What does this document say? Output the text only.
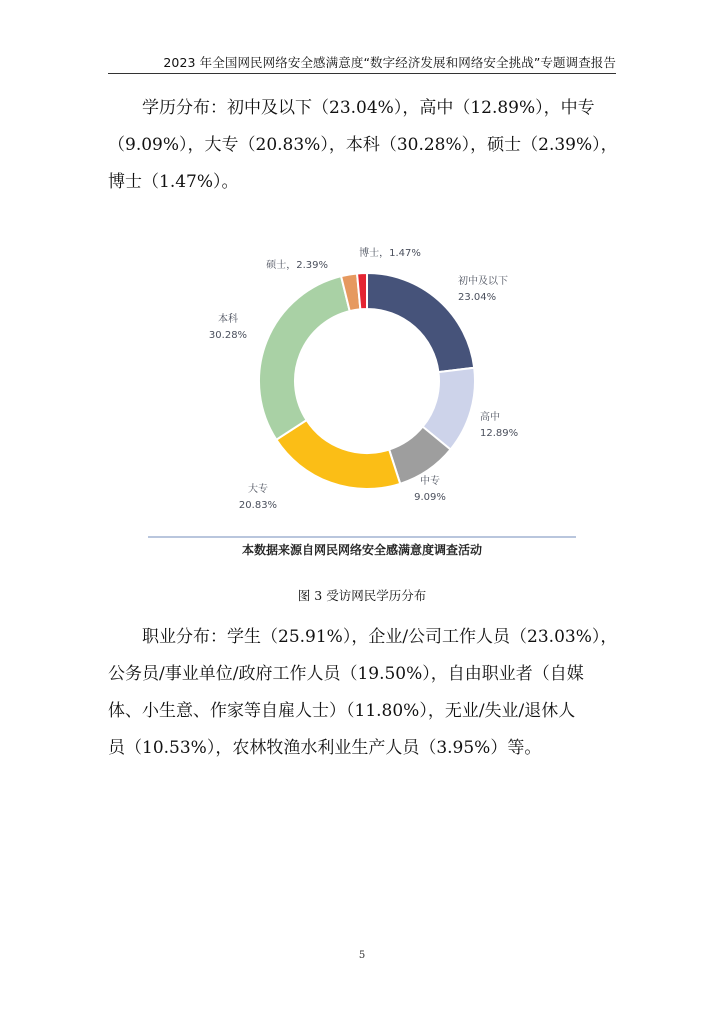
2023 年全国网民网络安全感满意度“数字经济发展和网络安全挑战”专题调查报告
学历分布：初中及以下（23.04%），高中（12.89%），中专
（9.09%），大专（20.83%），本科（30.28%），硕士（2.39%），
博士（1.47%）。
初中及以下 23.04%
高中 12.89%
中专 9.09%
大专 20.83%
本科 30.28%
硕士，2.39%
博士，1.47%
本数据来源自网民网络安全感满意度调查活动
图 3 受访网民学历分布
职业分布：学生（25.91%），企业/公司工作人员（23.03%），
公务员/事业单位/政府工作人员（19.50%），自由职业者（自媒
体、小生意、作家等自雇人士）（11.80%），无业/失业/退休人
员（10.53%），农林牧渔水利业生产人员（3.95%）等。
5
